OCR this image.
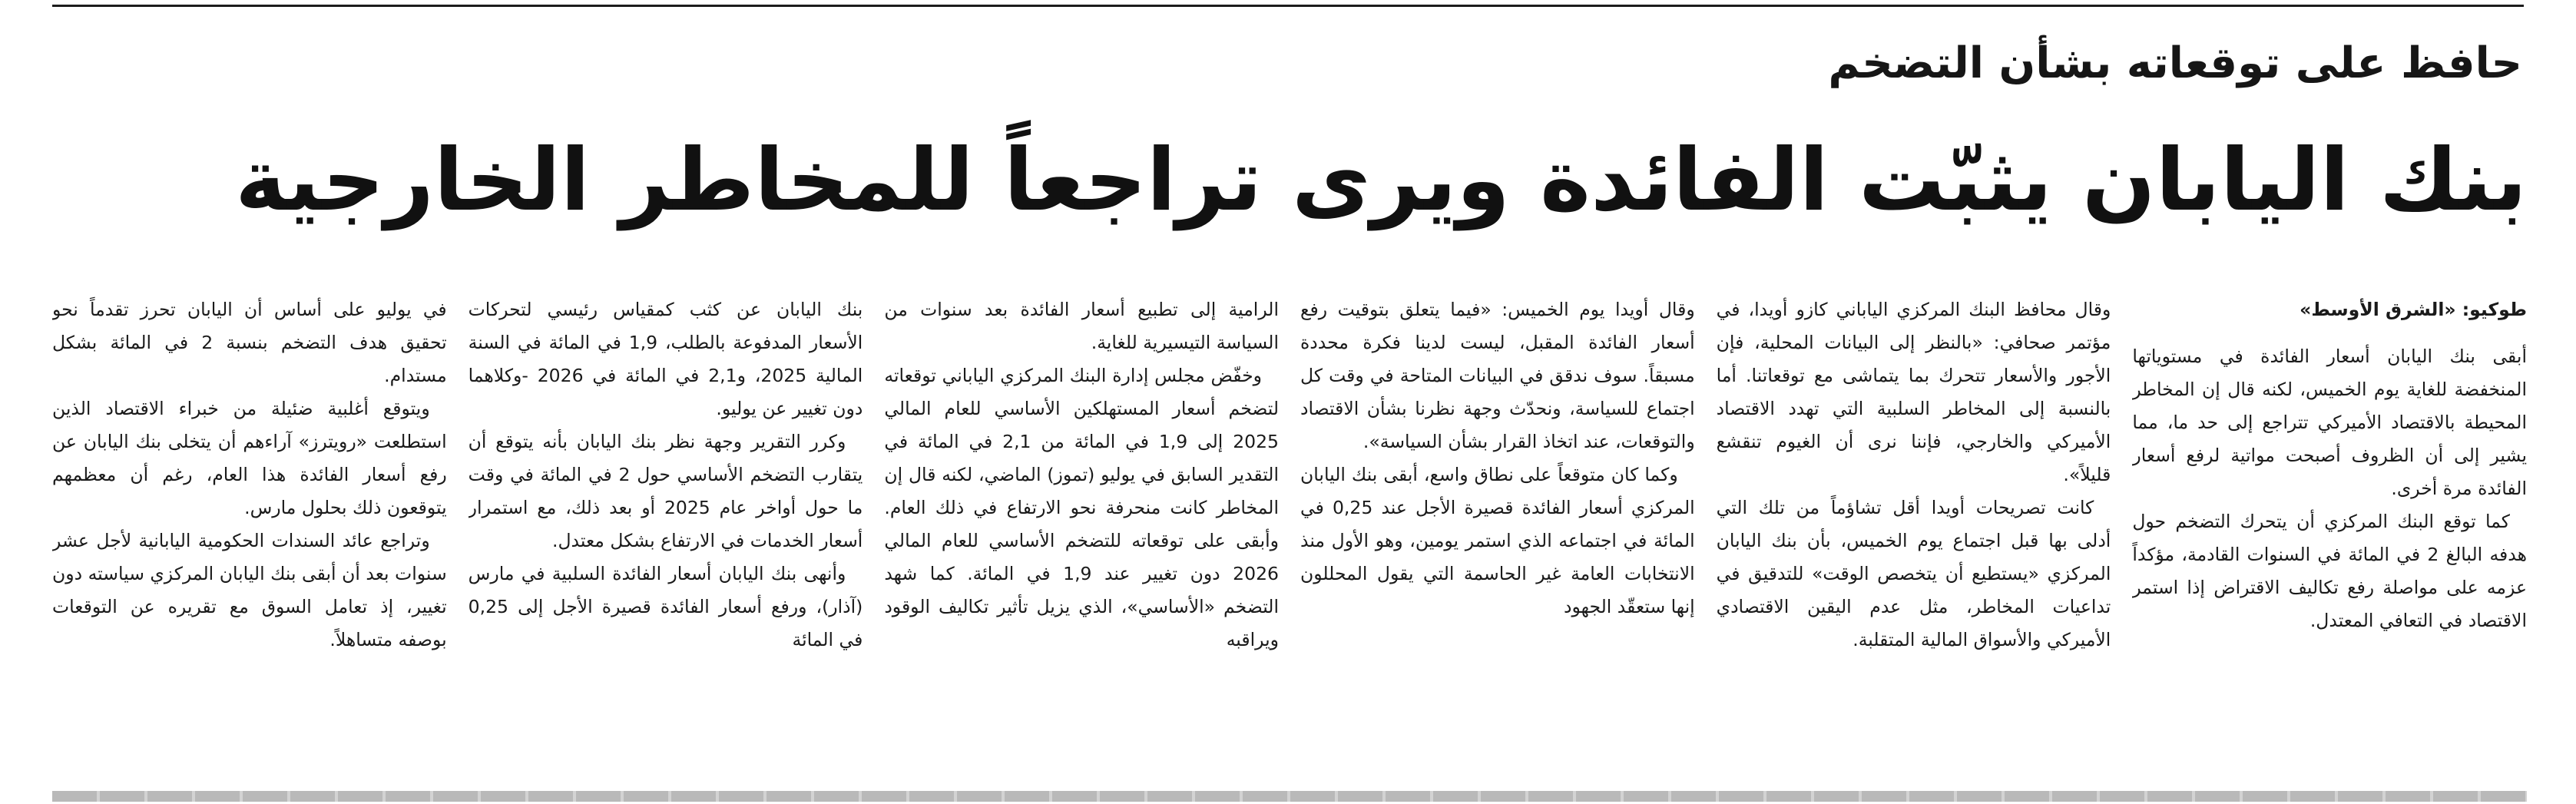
حافظ على توقعاته بشأن التضخم
بنك اليابان يثبّت الفائدة ويرى تراجعاً للمخاطر الخارجية
طوكيو: «الشرق الأوسط»

أبقى بنك اليابان أسعار الفائدة في مستوياتها المنخفضة للغاية يوم الخميس، لكنه قال إن المخاطر المحيطة بالاقتصاد الأميركي تتراجع إلى حد ما، مما يشير إلى أن الظروف أصبحت مواتية لرفع أسعار الفائدة مرة أخرى.

كما توقع البنك المركزي أن يتحرك التضخم حول هدفه البالغ 2 في المائة في السنوات القادمة، مؤكداً عزمه على مواصلة رفع تكاليف الاقتراض إذا استمر الاقتصاد في التعافي المعتدل.

وقال محافظ البنك المركزي الياباني كازو أويدا، في مؤتمر صحافي: «بالنظر إلى البيانات المحلية، فإن الأجور والأسعار تتحرك بما يتماشى مع توقعاتنا. أما بالنسبة إلى المخاطر السلبية التي تهدد الاقتصاد الأميركي والخارجي، فإننا نرى أن الغيوم تنقشع قليلاً».

كانت تصريحات أويدا أقل تشاؤماً من تلك التي أدلى بها قبل اجتماع يوم الخميس، بأن بنك اليابان المركزي «يستطيع أن يتخصص الوقت» للتدقيق في تداعيات المخاطر، مثل عدم اليقين الاقتصادي الأميركي والأسواق المالية المتقلبة.

وقال أويدا يوم الخميس: «فيما يتعلق بتوقيت رفع أسعار الفائدة المقبل، ليست لدينا فكرة محددة مسبقاً. سوف ندقق في البيانات المتاحة في وقت كل اجتماع للسياسة، ونحدّث وجهة نظرنا بشأن الاقتصاد والتوقعات، عند اتخاذ القرار بشأن السياسة».

وكما كان متوقعاً على نطاق واسع، أبقى بنك اليابان المركزي أسعار الفائدة قصيرة الأجل عند 0,25 في المائة في اجتماعه الذي استمر يومين، وهو الأول منذ الانتخابات العامة غير الحاسمة التي يقول المحللون إنها ستعقّد الجهود

الرامية إلى تطبيع أسعار الفائدة بعد سنوات من السياسة التيسيرية للغاية.

وخفّض مجلس إدارة البنك المركزي الياباني توقعاته لتضخم أسعار المستهلكين الأساسي للعام المالي 2025 إلى 1,9 في المائة من 2,1 في المائة في التقدير السابق في يوليو (تموز) الماضي، لكنه قال إن المخاطر كانت منحرفة نحو الارتفاع في ذلك العام. وأبقى على توقعاته للتضخم الأساسي للعام المالي 2026 دون تغيير عند 1,9 في المائة. كما شهد التضخم «الأساسي»، الذي يزيل تأثير تكاليف الوقود ويراقبه

بنك اليابان عن كثب كمقياس رئيسي لتحركات الأسعار المدفوعة بالطلب، 1,9 في المائة في السنة المالية 2025، و2,1 في المائة في 2026 -وكلاهما دون تغيير عن يوليو.

وكرر التقرير وجهة نظر بنك اليابان بأنه يتوقع أن يتقارب التضخم الأساسي حول 2 في المائة في وقت ما حول أواخر عام 2025 أو بعد ذلك، مع استمرار أسعار الخدمات في الارتفاع بشكل معتدل.

وأنهى بنك اليابان أسعار الفائدة السلبية في مارس (آذار)، ورفع أسعار الفائدة قصيرة الأجل إلى 0,25 في المائة

في يوليو على أساس أن اليابان تحرز تقدماً نحو تحقيق هدف التضخم بنسبة 2 في المائة بشكل مستدام.

ويتوقع أغلبية ضئيلة من خبراء الاقتصاد الذين استطلعت «رويترز» آراءهم أن يتخلى بنك اليابان عن رفع أسعار الفائدة هذا العام، رغم أن معظمهم يتوقعون ذلك بحلول مارس.

وتراجع عائد السندات الحكومية اليابانية لأجل عشر سنوات بعد أن أبقى بنك اليابان المركزي سياسته دون تغيير، إذ تعامل السوق مع تقريره عن التوقعات بوصفه متساهلاً.
